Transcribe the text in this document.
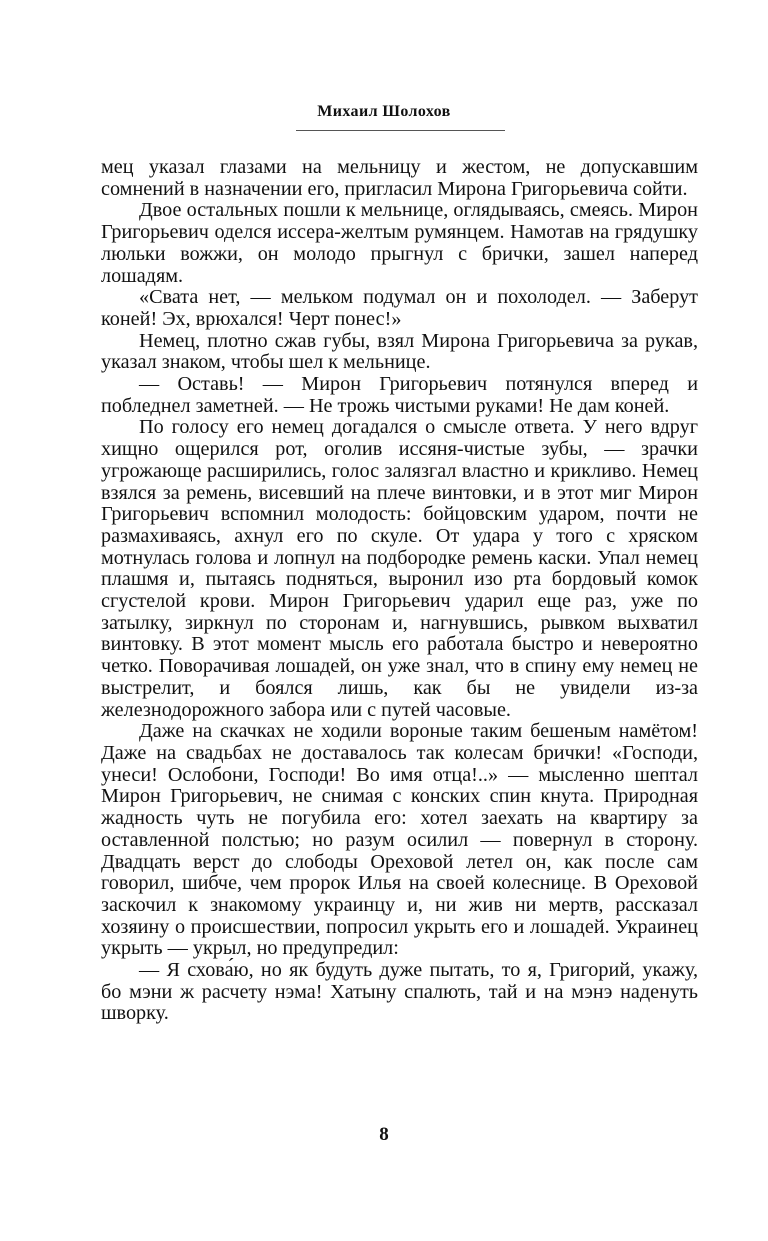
Михаил Шолохов

мец указал глазами на мельницу и жестом, не допускавшим сомнений в назначении его, пригласил Мирона Григорьевича сойти.

Двое остальных пошли к мельнице, оглядываясь, смеясь. Мирон Григорьевич оделся иссера-желтым румянцем. Намотав на грядушку люльки вожжи, он молодо прыгнул с брички, зашел наперед лошадям.

«Свата нет, — мельком подумал он и похолодел. — Заберут коней! Эх, врюхался! Черт понес!»

Немец, плотно сжав губы, взял Мирона Григорьевича за рукав, указал знаком, чтобы шел к мельнице.

— Оставь! — Мирон Григорьевич потянулся вперед и побледнел заметней. — Не трожь чистыми руками! Не дам коней.

По голосу его немец догадался о смысле ответа. У него вдруг хищно ощерился рот, оголив иссяня-чистые зубы, — зрачки угрожающе расширились, голос залязгал властно и крикливо. Немец взялся за ремень, висевший на плече винтовки, и в этот миг Мирон Григорьевич вспомнил молодость: бойцовским ударом, почти не размахиваясь, ахнул его по скуле. От удара у того с хряском мотнулась голова и лопнул на подбородке ремень каски. Упал немец плашмя и, пытаясь подняться, выронил изо рта бордовый комок сгустелой крови. Мирон Григорьевич ударил еще раз, уже по затылку, зиркнул по сторонам и, нагнувшись, рывком выхватил винтовку. В этот момент мысль его работала быстро и невероятно четко. Поворачивая лошадей, он уже знал, что в спину ему немец не выстрелит, и боялся лишь, как бы не увидели из-за железнодорожного забора или с путей часовые.

Даже на скачках не ходили вороные таким бешеным намётом! Даже на свадьбах не доставалось так колесам брички! «Господи, унеси! Ослобони, Господи! Во имя отца!..» — мысленно шептал Мирон Григорьевич, не снимая с конских спин кнута. Природная жадность чуть не погубила его: хотел заехать на квартиру за оставленной полстью; но разум осилил — повернул в сторону. Двадцать верст до слободы Ореховой летел он, как после сам говорил, шибче, чем пророк Илья на своей колеснице. В Ореховой заскочил к знакомому украинцу и, ни жив ни мертв, рассказал хозяину о происшествии, попросил укрыть его и лошадей. Украинец укрыть — укрыл, но предупредил:

— Я схова́ю, но як будуть дуже пытать, то я, Григорий, укажу, бо мэни ж расчету нэма! Хатыну спалють, тай и на мэнэ наденуть шворку.

8
